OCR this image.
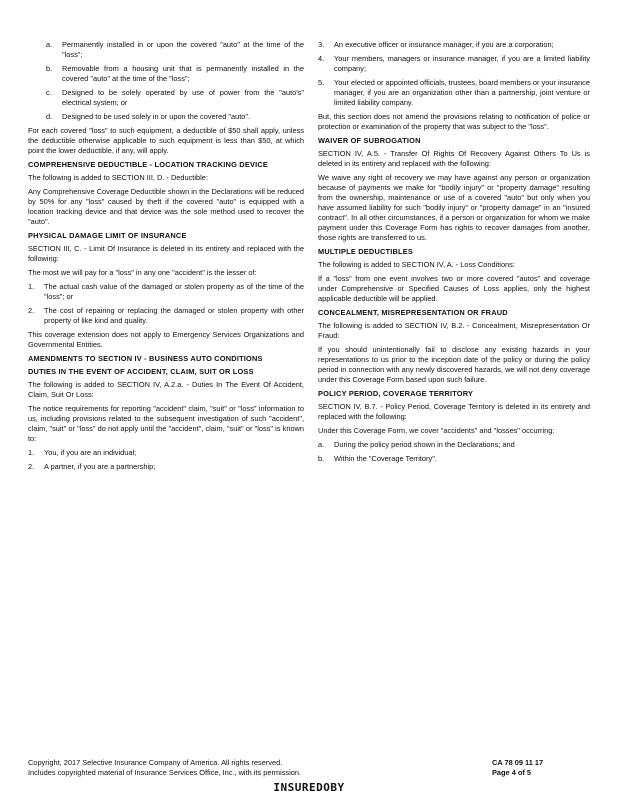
a.	Permanently installed in or upon the covered "auto" at the time of the "loss";
b.	Removable from a housing unit that is permanently installed in the covered "auto" at the time of the "loss";
c.	Designed to be solely operated by use of power from the "auto's" electrical system; or
d.	Designed to be used solely in or upon the covered "auto".

For each covered "loss" to such equipment, a deductible of $50 shall apply, unless the deductible otherwise applicable to such equipment is less than $50, at which point the lower deductible, if any, will apply.

COMPREHENSIVE DEDUCTIBLE - LOCATION TRACKING DEVICE

The following is added to SECTION III, D. - Deductible:

Any Comprehensive Coverage Deductible shown in the Declarations will be reduced by 50% for any "loss" caused by theft if the covered "auto" is equipped with a location tracking device and that device was the sole method used to recover the "auto".

PHYSICAL DAMAGE LIMIT OF INSURANCE

SECTION III, C. - Limit Of Insurance is deleted in its entirety and replaced with the following:

The most we will pay for a "loss" in any one "accident" is the lesser of:

1.	The actual cash value of the damaged or stolen property as of the time of the "loss"; or
2.	The cost of repairing or replacing the damaged or stolen property with other property of like kind and quality.

This coverage extension does not apply to Emergency Services Organizations and Governmental Entities.

AMENDMENTS TO SECTION IV - BUSINESS AUTO CONDITIONS
DUTIES IN THE EVENT OF ACCIDENT, CLAIM, SUIT OR LOSS

The following is added to SECTION IV, A.2.a. - Duties In The Event Of Accident, Claim, Suit Or Loss:

The notice requirements for reporting "accident" claim, "suit" or "loss" information to us, including provisions related to the subsequent investigation of such "accident", claim, "suit" or "loss" do not apply until the "accident", claim, "suit" or "loss" is known to:

1.	You, if you are an individual;
2.	A partner, if you are a partnership;
3.	An executive officer or insurance manager, if you are a corporation;
4.	Your members, managers or insurance manager, if you are a limited liability company;
5.	Your elected or appointed officials, trustees, board members or your insurance manager, if you are an organization other than a partnership, joint venture or limited liability company.

But, this section does not amend the provisions relating to notification of police or protection or examination of the property that was subject to the "loss".

WAIVER OF SUBROGATION

SECTION IV, A.5. - Transfer Of Rights Of Recovery Against Others To Us is deleted in its entirety and replaced with the following:

We waive any right of recovery we may have against any person or organization because of payments we make for "bodily injury" or "property damage" resulting from the ownership, maintenance or use of a covered "auto" but only when you have assumed liability for such "bodily injury" or "property damage" in an "insured contract". In all other circumstances, if a person or organization for whom we make payment under this Coverage Form has rights to recover damages from another, those rights are transferred to us.

MULTIPLE DEDUCTIBLES

The following is added to SECTION IV, A. - Loss Conditions:

If a "loss" from one event involves two or more covered "autos" and coverage under Comprehensive or Specified Causes of Loss applies, only the highest applicable deductible will be applied.

CONCEALMENT, MISREPRESENTATION OR FRAUD

The following is added to SECTION IV, B.2. - Concealment, Misrepresentation Or Fraud:

If you should unintentionally fail to disclose any existing hazards in your representations to us prior to the inception date of the policy or during the policy period in connection with any newly discovered hazards, we will not deny coverage under this Coverage Form based upon such failure.

POLICY PERIOD, COVERAGE TERRITORY

SECTION IV, B.7. - Policy Period, Coverage Territory is deleted in its entirety and replaced with the following:

Under this Coverage Form, we cover "accidents" and "losses" occurring:

a.	During the policy period shown in the Declarations; and
b.	Within the "Coverage Territory".
Copyright, 2017 Selective Insurance Company of America. All rights reserved.
Includes copyrighted material of Insurance Services Office, Inc., with its permission.
CA 78 09 11 17
Page 4 of 5
INSUREDOBY
